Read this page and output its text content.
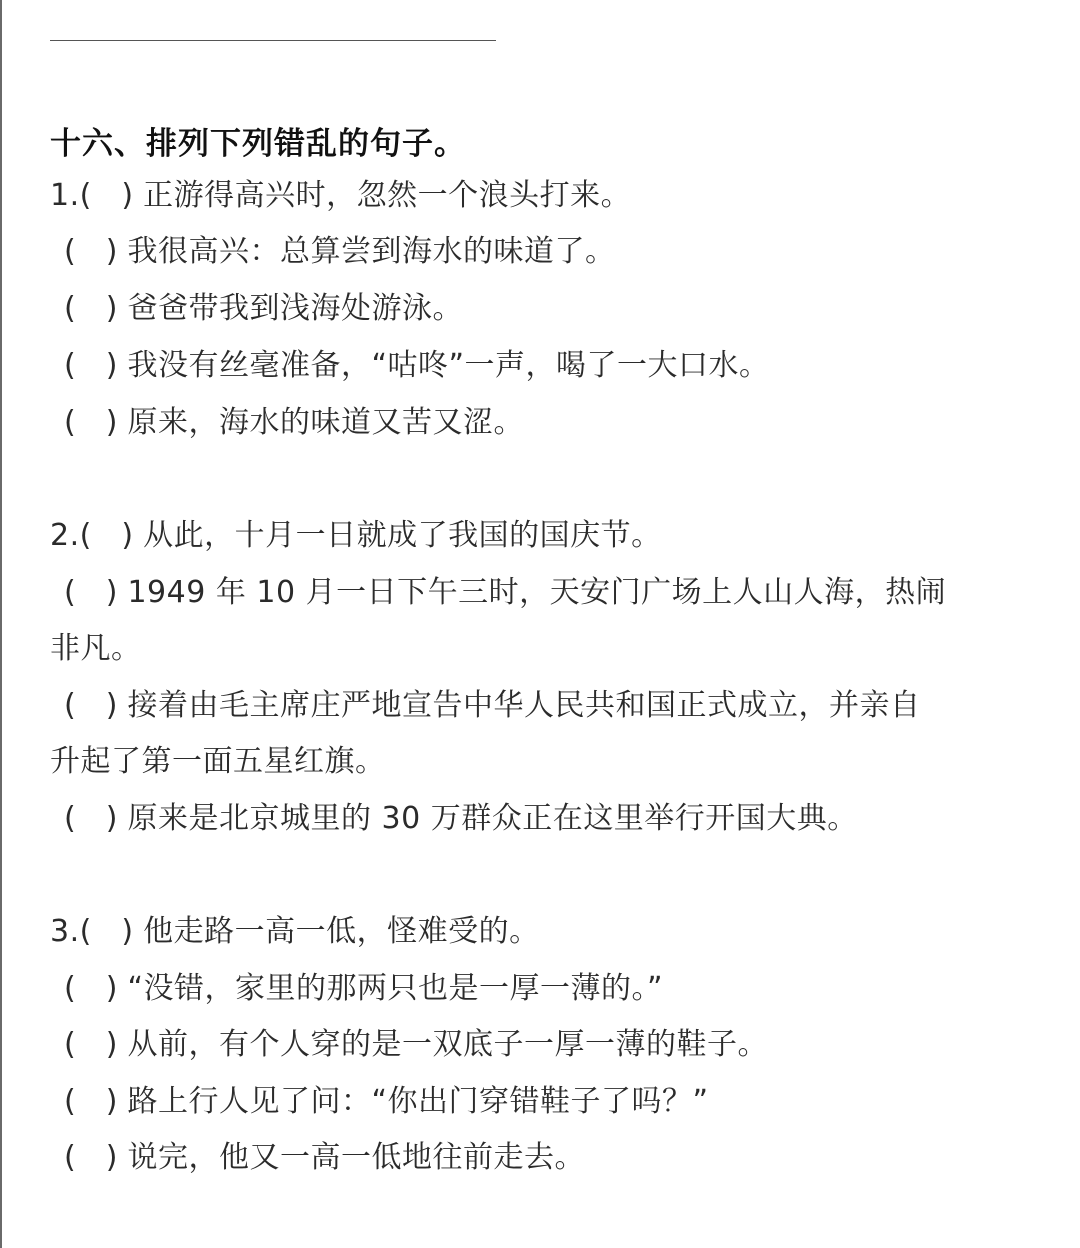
十六、排列下列错乱的句子。
1.(　) 正游得高兴时，忽然一个浪头打来。
(　) 我很高兴：总算尝到海水的味道了。
(　) 爸爸带我到浅海处游泳。
(　) 我没有丝毫准备，“咕咚”一声，喝了一大口水。
(　) 原来，海水的味道又苦又涩。
2.(　) 从此，十月一日就成了我国的国庆节。
(　) 1949 年 10 月一日下午三时，天安门广场上人山人海，热闹
非凡。
(　) 接着由毛主席庄严地宣告中华人民共和国正式成立，并亲自
升起了第一面五星红旗。
(　) 原来是北京城里的 30 万群众正在这里举行开国大典。
3.(　) 他走路一高一低，怪难受的。
(　) “没错，家里的那两只也是一厚一薄的。”
(　) 从前，有个人穿的是一双底子一厚一薄的鞋子。
(　) 路上行人见了问：“你出门穿错鞋子了吗？”
(　) 说完，他又一高一低地往前走去。
